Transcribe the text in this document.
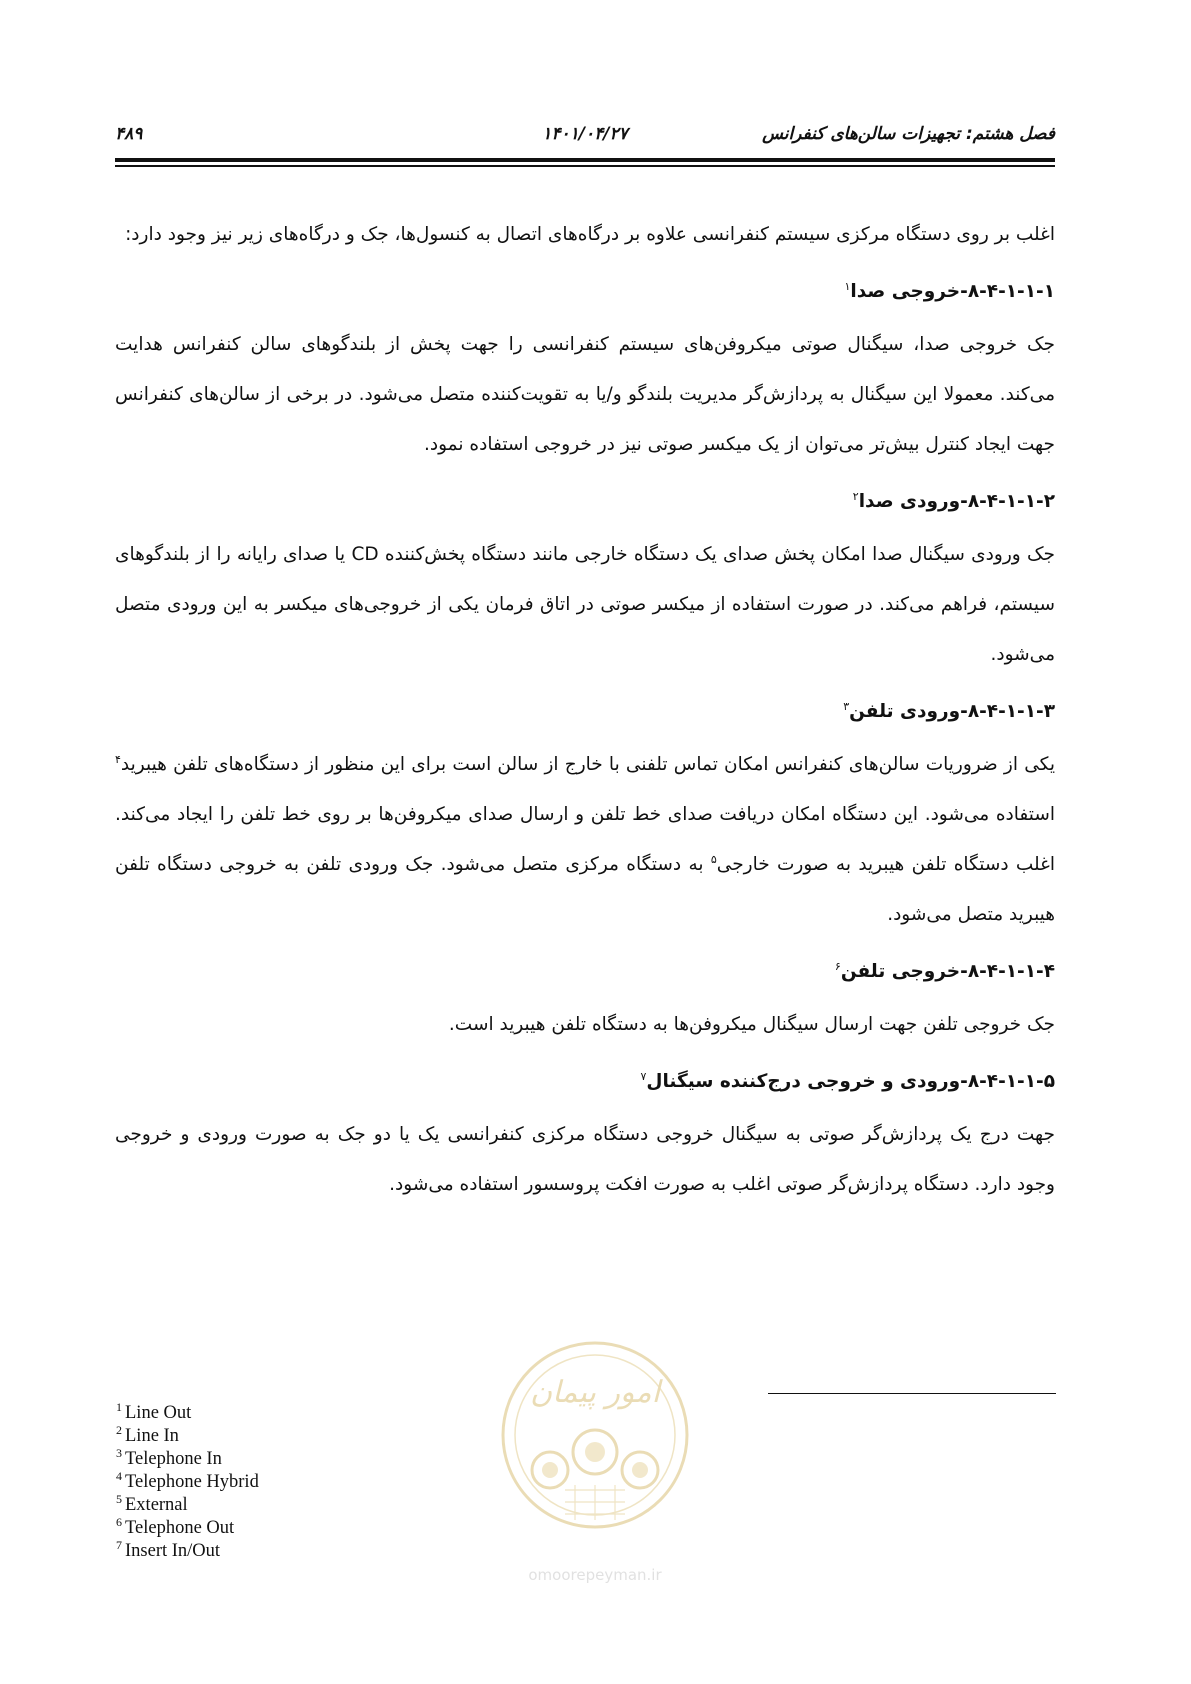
فصل هشتم: تجهیزات سالن‌های کنفرانس
۱۴۰۱/۰۴/۲۷
۴۸۹

اغلب بر روی دستگاه مرکزی سیستم کنفرانسی علاوه بر درگاه‌های اتصال به کنسول‌ها، جک و درگاه‌های زیر نیز وجود دارد:

۸-۴-۱-۱-۱-خروجی صدا$^۱$

جک خروجی صدا، سیگنال صوتی میکروفن‌های سیستم کنفرانسی را جهت پخش از بلندگوهای سالن کنفرانس هدایت می‌کند. معمولا این سیگنال به پردازش‌گر مدیریت بلندگو و/یا به تقویت‌کننده متصل می‌شود. در برخی از سالن‌های کنفرانس جهت ایجاد کنترل بیش‌تر می‌توان از یک میکسر صوتی نیز در خروجی استفاده نمود.

۸-۴-۱-۱-۲-ورودی صدا$^۲$

جک ورودی سیگنال صدا امکان پخش صدای یک دستگاه خارجی مانند دستگاه پخش‌کننده CD یا صدای رایانه را از بلندگوهای سیستم، فراهم می‌کند. در صورت استفاده از میکسر صوتی در اتاق فرمان یکی از خروجی‌های میکسر به این ورودی متصل می‌شود.

۸-۴-۱-۱-۳-ورودی تلفن$^۳$

یکی از ضروریات سالن‌های کنفرانس امکان تماس تلفنی با خارج از سالن است برای این منظور از دستگاه‌های تلفن هیبرید$^۴$ استفاده می‌شود. این دستگاه امکان دریافت صدای خط تلفن و ارسال صدای میکروفن‌ها بر روی خط تلفن را ایجاد می‌کند. اغلب دستگاه تلفن هیبرید به صورت خارجی$^۵$ به دستگاه مرکزی متصل می‌شود. جک ورودی تلفن به خروجی دستگاه تلفن هیبرید متصل می‌شود.

۸-۴-۱-۱-۴-خروجی تلفن$^۶$

جک خروجی تلفن جهت ارسال سیگنال میکروفن‌ها به دستگاه تلفن هیبرید است.

۸-۴-۱-۱-۵-ورودی و خروجی درج‌کننده سیگنال$^۷$

جهت درج یک پردازش‌گر صوتی به سیگنال خروجی دستگاه مرکزی کنفرانسی یک یا دو جک به صورت ورودی و خروجی وجود دارد. دستگاه پردازش‌گر صوتی اغلب به صورت افکت پروسسور استفاده می‌شود.

$^1$ Line Out
$^2$ Line In
$^3$ Telephone In
$^4$ Telephone Hybrid
$^5$ External
$^6$ Telephone Out
$^7$ Insert In/Out
امور پیمان
omoorepeyman.ir
